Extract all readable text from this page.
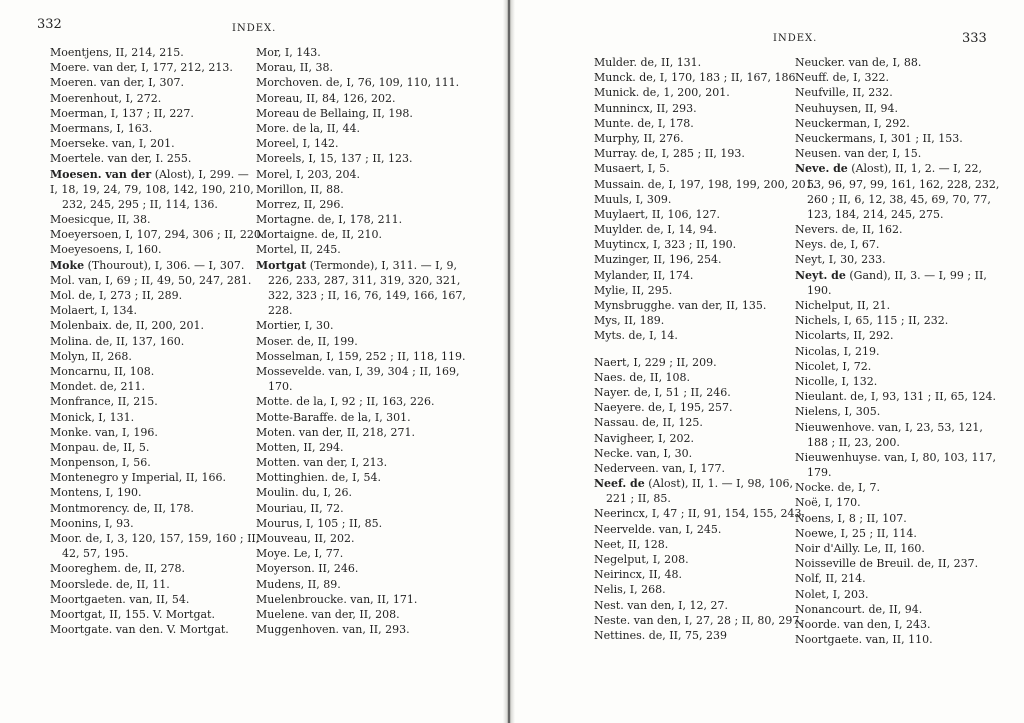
332	INDEX.
Moentjens, II, 214, 215.
Moere. van der, I, 177, 212, 213.
Moeren. van der, I, 307.
Moerenhout, I, 272.
Moerman, I, 137 ; II, 227.
Moermans, I, 163.
Moerseke. van, I, 201.
Moertele. van der, I. 255.
Moesen. van der (Alost), I, 299. —
I, 18, 19, 24, 79, 108, 142, 190, 210,
232, 245, 295 ; II, 114, 136.
Moesicque, II, 38.
Moeyersoen, I, 107, 294, 306 ; II, 220.
Moeyesoens, I, 160.
Moke (Thourout), I, 306. — I, 307.
Mol. van, I, 69 ; II, 49, 50, 247, 281.
Mol. de, I, 273 ; II, 289.
Molaert, I, 134.
Molenbaix. de, II, 200, 201.
Molina. de, II, 137, 160.
Molyn, II, 268.
Moncarnu, II, 108.
Mondet. de, 211.
Monfrance, II, 215.
Monick, I, 131.
Monke. van, I, 196.
Monpau. de, II, 5.
Monpenson, I, 56.
Montenegro y Imperial, II, 166.
Montens, I, 190.
Montmorency. de, II, 178.
Moonins, I, 93.
Moor. de, I, 3, 120, 157, 159, 160 ; II,
42, 57, 195.
Mooreghem. de, II, 278.
Moorslede. de, II, 11.
Moortgaeten. van, II, 54.
Moortgat, II, 155. V. Mortgat.
Moortgate. van den. V. Mortgat.
Mor, I, 143.
Morau, II, 38.
Morchoven. de, I, 76, 109, 110, 111.
Moreau, II, 84, 126, 202.
Moreau de Bellaing, II, 198.
More. de la, II, 44.
Moreel, I, 142.
Moreels, I, 15, 137 ; II, 123.
Morel, I, 203, 204.
Morillon, II, 88.
Morrez, II, 296.
Mortagne. de, I, 178, 211.
Mortaigne. de, II, 210.
Mortel, II, 245.
Mortgat (Termonde), I, 311. — I, 9,
226, 233, 287, 311, 319, 320, 321,
322, 323 ; II, 16, 76, 149, 166, 167,
228.
Mortier, I, 30.
Moser. de, II, 199.
Mosselman, I, 159, 252 ; II, 118, 119.
Mossevelde. van, I, 39, 304 ; II, 169,
170.
Motte. de la, I, 92 ; II, 163, 226.
Motte-Baraffe. de la, I, 301.
Moten. van der, II, 218, 271.
Motten, II, 294.
Motten. van der, I, 213.
Mottinghien. de, I, 54.
Moulin. du, I, 26.
Mouriau, II, 72.
Mourus, I, 105 ; II, 85.
Mouveau, II, 202.
Moye. Le, I, 77.
Moyerson. II, 246.
Mudens, II, 89.
Muelenbroucke. van, II, 171.
Muelene. van der, II, 208.
Muggenhoven. van, II, 293.
INDEX.	333
Mulder. de, II, 131.
Munck. de, I, 170, 183 ; II, 167, 186.
Munick. de, 1, 200, 201.
Munnincx, II, 293.
Munte. de, I, 178.
Murphy, II, 276.
Murray. de, I, 285 ; II, 193.
Musaert, I, 5.
Mussain. de, I, 197, 198, 199, 200, 201.
Muuls, I, 309.
Muylaert, II, 106, 127.
Muylder. de, I, 14, 94.
Muytincx, I, 323 ; II, 190.
Muzinger, II, 196, 254.
Mylander, II, 174.
Mylie, II, 295.
Mynsbrugghe. van der, II, 135.
Mys, II, 189.
Myts. de, I, 14.
Naert, I, 229 ; II, 209.
Naes. de, II, 108.
Nayer. de, I, 51 ; II, 246.
Naeyere. de, I, 195, 257.
Nassau. de, II, 125.
Navigheer, I, 202.
Necke. van, I, 30.
Nederveen. van, I, 177.
Neef. de (Alost), II, 1. — I, 98, 106,
221 ; II, 85.
Neerincx, I, 47 ; II, 91, 154, 155, 243.
Neervelde. van, I, 245.
Neet, II, 128.
Negelput, I, 208.
Neirincx, II, 48.
Nelis, I, 268.
Nest. van den, I, 12, 27.
Neste. van den, I, 27, 28 ; II, 80, 297.
Nettines. de, II, 75, 239
Neucker. van de, I, 88.
Neuff. de, I, 322.
Neufville, II, 232.
Neuhuysen, II, 94.
Neuckerman, I, 292.
Neuckermans, I, 301 ; II, 153.
Neusen. van der, I, 15.
Neve. de (Alost), II, 1, 2. — I, 22,
53, 96, 97, 99, 161, 162, 228, 232,
260 ; II, 6, 12, 38, 45, 69, 70, 77,
123, 184, 214, 245, 275.
Nevers. de, II, 162.
Neys. de, I, 67.
Neyt, I, 30, 233.
Neyt. de (Gand), II, 3. — I, 99 ; II,
190.
Nichelput, II, 21.
Nichels, I, 65, 115 ; II, 232.
Nicolarts, II, 292.
Nicolas, I, 219.
Nicolet, I, 72.
Nicolle, I, 132.
Nieulant. de, I, 93, 131 ; II, 65, 124.
Nielens, I, 305.
Nieuwenhove. van, I, 23, 53, 121,
188 ; II, 23, 200.
Nieuwenhuyse. van, I, 80, 103, 117,
179.
Nocke. de, I, 7.
Noë, I, 170.
Noens, I, 8 ; II, 107.
Noewe, I, 25 ; II, 114.
Noir d'Ailly. Le, II, 160.
Noisseville de Breuil. de, II, 237.
Nolf, II, 214.
Nolet, I, 203.
Nonancourt. de, II, 94.
Noorde. van den, I, 243.
Noortgaete. van, II, 110.
